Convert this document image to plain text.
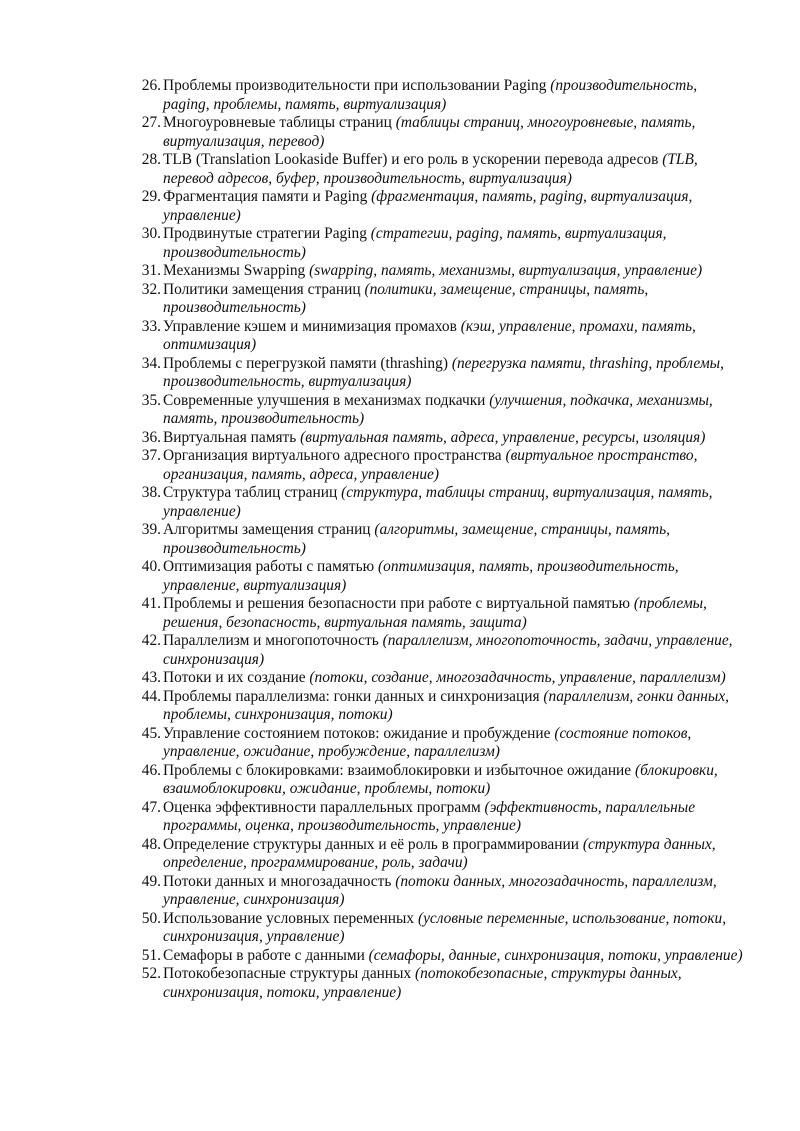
26. Проблемы производительности при использовании Paging (производительность, paging, проблемы, память, виртуализация)
27. Многоуровневые таблицы страниц (таблицы страниц, многоуровневые, память, виртуализация, перевод)
28. TLB (Translation Lookaside Buffer) и его роль в ускорении перевода адресов (TLB, перевод адресов, буфер, производительность, виртуализация)
29. Фрагментация памяти и Paging (фрагментация, память, paging, виртуализация, управление)
30. Продвинутые стратегии Paging (стратегии, paging, память, виртуализация, производительность)
31. Механизмы Swapping (swapping, память, механизмы, виртуализация, управление)
32. Политики замещения страниц (политики, замещение, страницы, память, производительность)
33. Управление кэшем и минимизация промахов (кэш, управление, промахи, память, оптимизация)
34. Проблемы с перегрузкой памяти (thrashing) (перегрузка памяти, thrashing, проблемы, производительность, виртуализация)
35. Современные улучшения в механизмах подкачки (улучшения, подкачка, механизмы, память, производительность)
36. Виртуальная память (виртуальная память, адреса, управление, ресурсы, изоляция)
37. Организация виртуального адресного пространства (виртуальное пространство, организация, память, адреса, управление)
38. Структура таблиц страниц (структура, таблицы страниц, виртуализация, память, управление)
39. Алгоритмы замещения страниц (алгоритмы, замещение, страницы, память, производительность)
40. Оптимизация работы с памятью (оптимизация, память, производительность, управление, виртуализация)
41. Проблемы и решения безопасности при работе с виртуальной памятью (проблемы, решения, безопасность, виртуальная память, защита)
42. Параллелизм и многопоточность (параллелизм, многопоточность, задачи, управление, синхронизация)
43. Потоки и их создание (потоки, создание, многозадачность, управление, параллелизм)
44. Проблемы параллелизма: гонки данных и синхронизация (параллелизм, гонки данных, проблемы, синхронизация, потоки)
45. Управление состоянием потоков: ожидание и пробуждение (состояние потоков, управление, ожидание, пробуждение, параллелизм)
46. Проблемы с блокировками: взаимоблокировки и избыточное ожидание (блокировки, взаимоблокировки, ожидание, проблемы, потоки)
47. Оценка эффективности параллельных программ (эффективность, параллельные программы, оценка, производительность, управление)
48. Определение структуры данных и её роль в программировании (структура данных, определение, программирование, роль, задачи)
49. Потоки данных и многозадачность (потоки данных, многозадачность, параллелизм, управление, синхронизация)
50. Использование условных переменных (условные переменные, использование, потоки, синхронизация, управление)
51. Семафоры в работе с данными (семафоры, данные, синхронизация, потоки, управление)
52. Потокобезопасные структуры данных (потокобезопасные, структуры данных, синхронизация, потоки, управление)
